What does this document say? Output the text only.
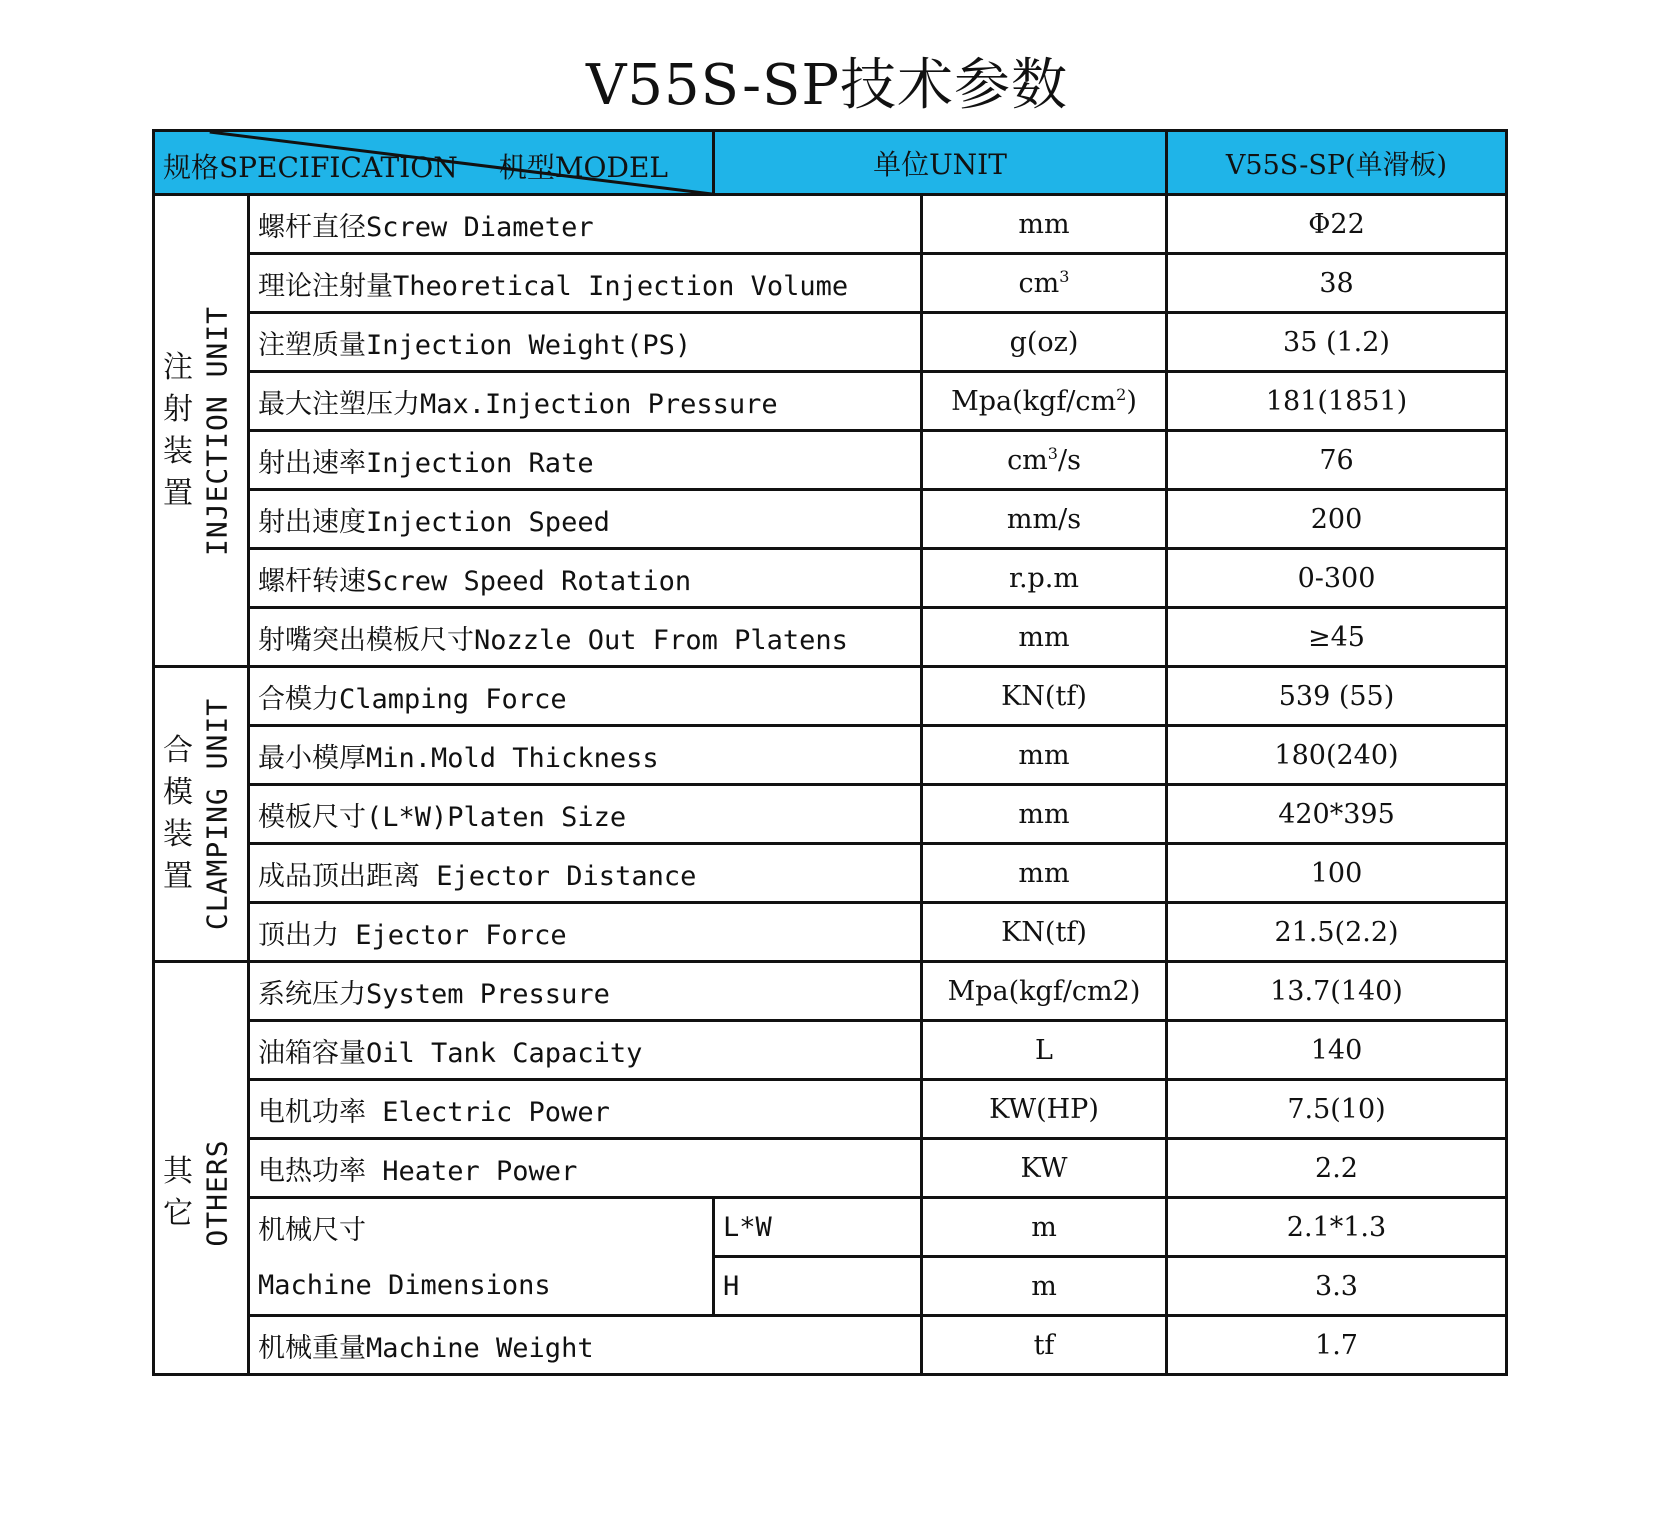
V55S-SP技术参数
规格SPECIFICATION 机型MODEL		单位UNIT		V55S-SP(单滑板)

注射装置 INJECTION UNIT	螺杆直径Screw Diameter		mm	Φ22
	理论注射量Theoretical Injection Volume		$cm^3$	38
	注塑质量Injection Weight(PS)		g(oz)	35 (1.2)
	最大注塑压力Max.Injection Pressure		$Mpa(kgf/cm^2)$	181(1851)
	射出速率Injection Rate		$cm^3/s$	76
	射出速度Injection Speed		mm/s	200
	螺杆转速Screw Speed Rotation		r.p.m	0-300
	射嘴突出模板尺寸Nozzle Out From Platens		mm	≥45

合模装置 CLAMPING UNIT	合模力Clamping Force		KN(tf)	539 (55)
	最小模厚Min.Mold Thickness		mm	180(240)
	模板尺寸(L*W)Platen Size		mm	420*395
	成品顶出距离 Ejector Distance		mm	100
	顶出力 Ejector Force		KN(tf)	21.5(2.2)

其它 OTHERS	系统压力System Pressure		Mpa(kgf/cm2)	13.7(140)
	油箱容量Oil Tank Capacity		L	140
	电机功率 Electric Power		KW(HP)	7.5(10)
	电热功率 Heater Power		KW	2.2
	机械尺寸	L*W	m	2.1*1.3
	Machine Dimensions	H	m	3.3
	机械重量Machine Weight		tf	1.7
